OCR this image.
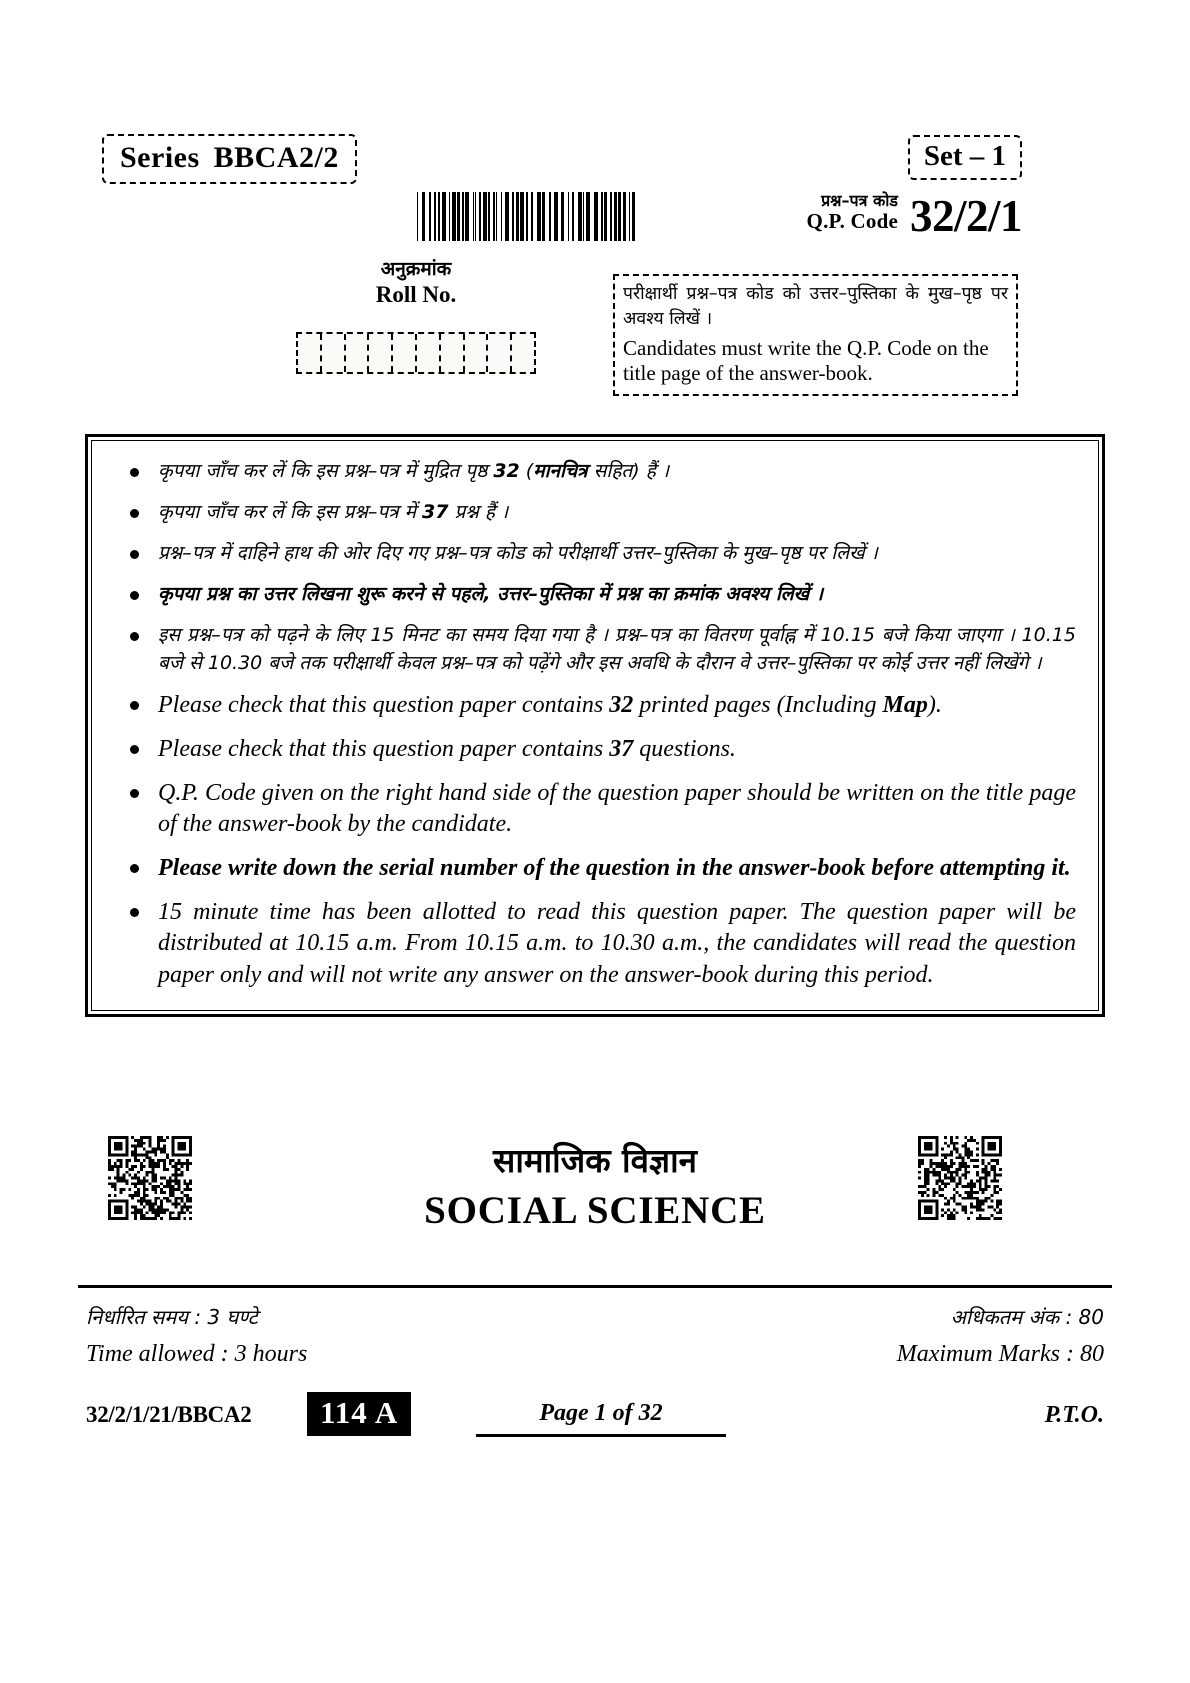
Series BBCA2/2	Set – 1
प्रश्न–पत्र कोड
Q.P. Code 32/2/1
अनुक्रमांक
Roll No.	परीक्षार्थी प्रश्न–पत्र कोड को उत्तर–पुस्तिका के मुख–पृष्ठ पर अवश्य लिखें ।
Candidates must write the Q.P. Code on the title page of the answer-book.
कृपया जाँच कर लें कि इस प्रश्न–पत्र में मुद्रित पृष्ठ 32 (मानचित्र सहित) हैं ।
कृपया जाँच कर लें कि इस प्रश्न–पत्र में 37 प्रश्न हैं ।
प्रश्न–पत्र में दाहिने हाथ की ओर दिए गए प्रश्न–पत्र कोड को परीक्षार्थी उत्तर–पुस्तिका के मुख–पृष्ठ पर लिखें ।
कृपया प्रश्न का उत्तर लिखना शुरू करने से पहले, उत्तर–पुस्तिका में प्रश्न का क्रमांक अवश्य लिखें ।
इस प्रश्न–पत्र को पढ़ने के लिए 15 मिनट का समय दिया गया है । प्रश्न–पत्र का वितरण पूर्वाह्न में 10.15 बजे किया जाएगा । 10.15 बजे से 10.30 बजे तक परीक्षार्थी केवल प्रश्न–पत्र को पढ़ेंगे और इस अवधि के दौरान वे उत्तर–पुस्तिका पर कोई उत्तर नहीं लिखेंगे ।
Please check that this question paper contains 32 printed pages (Including Map).
Please check that this question paper contains 37 questions.
Q.P. Code given on the right hand side of the question paper should be written on the title page of the answer-book by the candidate.
Please write down the serial number of the question in the answer-book before attempting it.
15 minute time has been allotted to read this question paper. The question paper will be distributed at 10.15 a.m. From 10.15 a.m. to 10.30 a.m., the candidates will read the question paper only and will not write any answer on the answer-book during this period.
सामाजिक विज्ञान
SOCIAL SCIENCE
निर्धारित समय : 3 घण्टे
Time allowed : 3 hours
अधिकतम अंक : 80
Maximum Marks : 80
32/2/1/21/BBCA2	114 A	Page 1 of 32	P.T.O.
